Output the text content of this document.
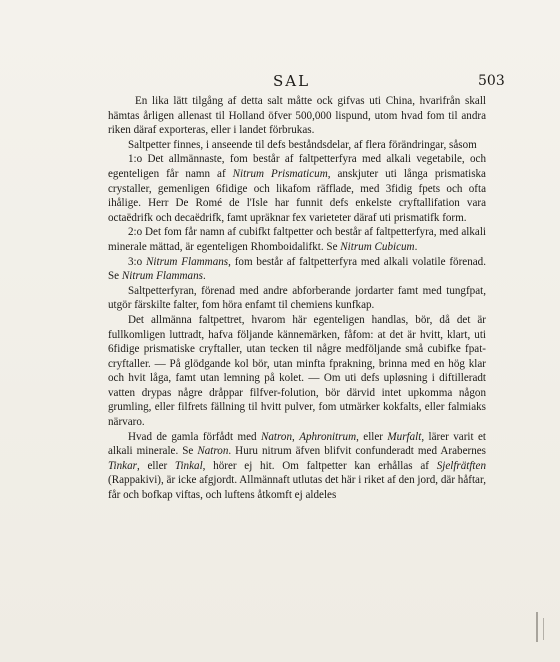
SAL	503

En lika lätt tilgång af detta salt måtte ock gifvas uti China, hvarifrån skall hämtas årligen allenast til Holland öfver 500,000 lispund, utom hvad fom til andra riken däraf exporteras, eller i landet förbrukas.

Saltpetter finnes, i anseende til defs beståndsdelar, af flera förändringar, såsom

1:o Det allmännaste, fom består af faltpetterfyra med alkali vegetabile, och egenteligen får namn af Nitrum Prismaticum, anskjuter uti långa prismatiska crystaller, gemenligen 6fidige och likafom räfflade, med 3fidig fpets och ofta ihålige. Herr De Romé de l'Isle har funnit defs enkelste cryftallifation vara octaëdrifk och decaëdrifk, famt upräknar fex varieteter däraf uti prismatifk form.

2:o Det fom får namn af cubifkt faltpetter och består af faltpetterfyra, med alkali minerale mättad, är egenteligen Rhomboidalifkt. Se Nitrum Cubicum.

3:o Nitrum Flammans, fom består af faltpetterfyra med alkali volatile förenad. Se Nitrum Flammans.

Saltpetterfyran, förenad med andre abforberande jordarter famt med tungfpat, utgör färskilte falter, fom höra enfamt til chemiens kunfkap.

Det allmänna faltpettret, hvarom här egenteligen handlas, bör, då det är fullkomligen luttradt, hafva följande kännemärken, fåfom: at det är hvitt, klart, uti 6fidige prismatiske cryftaller, utan tecken til någre medföljande små cubifke fpat-cryftaller. — På glödgande kol bör, utan minfta fprakning, brinna med en hög klar och hvit låga, famt utan lemning på kolet. — Om uti defs upløsning i diftilleradt vatten drypas någre dråppar filfver-folution, bör därvid intet upkomma någon grumling, eller filfrets fällning til hvitt pulver, fom utmärker kokfalts, eller falmiaks närvaro.

Hvad de gamla förfådt med Natron, Aphronitrum, eller Murfalt, lärer varit et alkali minerale. Se Natron. Huru nitrum äfven blifvit confunderadt med Arabernes Tinkar, eller Tinkal, hörer ej hit. Om faltpetter kan erhållas af Sjelfrätften (Rappakivi), är icke afgjordt. Allmännaft utlutas det här i riket af den jord, där håftar, får och bofkap viftas, och luftens åtkomft ej aldeles
